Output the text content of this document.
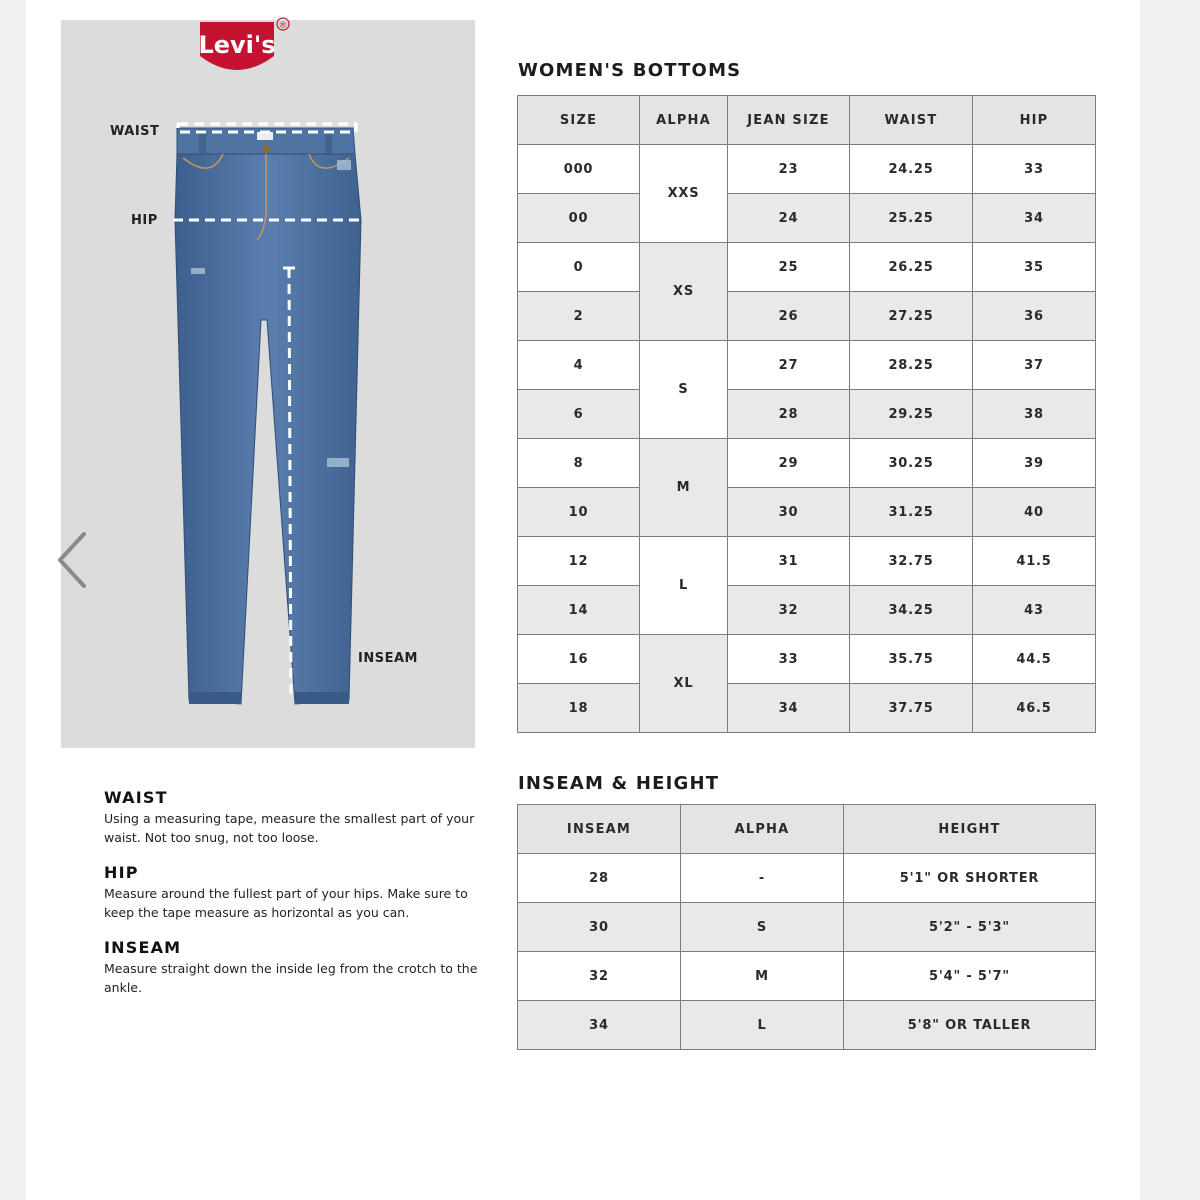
Levi's
®
WAIST
HIP
INSEAM
WOMEN'S BOTTOMS
SIZE	ALPHA	JEAN SIZE	WAIST	HIP
000	XXS	23	24.25	33
00		24	25.25	34
0	XS	25	26.25	35
2		26	27.25	36
4	S	27	28.25	37
6		28	29.25	38
8	M	29	30.25	39
10		30	31.25	40
12	L	31	32.75	41.5
14		32	34.25	43
16	XL	33	35.75	44.5
18		34	37.75	46.5
INSEAM & HEIGHT
INSEAM	ALPHA	HEIGHT
28	-	5'1" OR SHORTER
30	S	5'2" - 5'3"
32	M	5'4" - 5'7"
34	L	5'8" OR TALLER
WAIST

Using a measuring tape, measure the smallest part of your waist. Not too snug, not too loose.

HIP

Measure around the fullest part of your hips. Make sure to keep the tape measure as horizontal as you can.

INSEAM

Measure straight down the inside leg from the crotch to the ankle.
